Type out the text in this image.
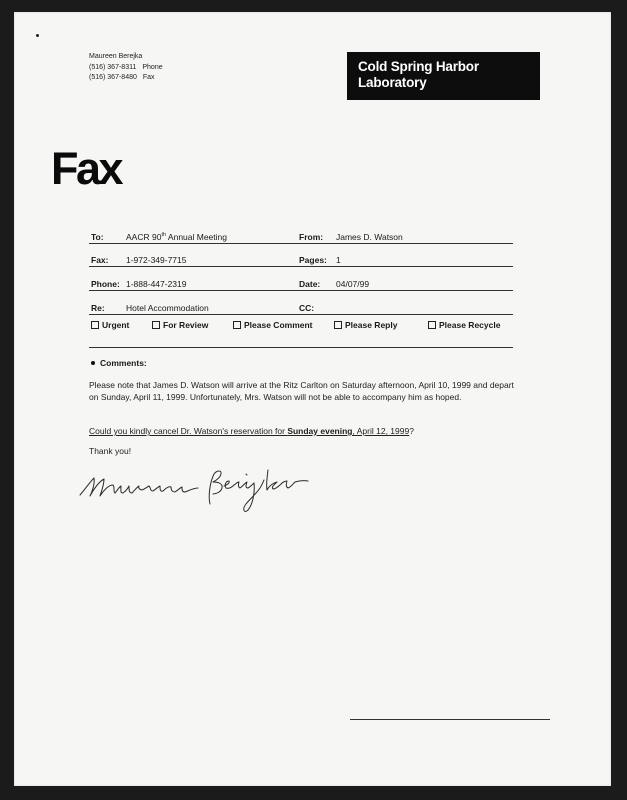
Maureen Berejka
(516) 367-8311 Phone
(516) 367-8480 Fax
Cold Spring Harbor
Laboratory
Fax
To:	AACR 90th Annual Meeting	From: James D. Watson
Fax: 1-972-349-7715	Pages: 1
Phone: 1-888-447-2319	Date: 04/07/99
Re:	Hotel Accommodation	CC:
Urgent	For Review	Please Comment	Please Reply	Please Recycle
Comments:
Please note that James D. Watson will arrive at the Ritz Carlton on Saturday afternoon, April 10, 1999 and depart on Sunday, April 11, 1999. Unfortunately, Mrs. Watson will not be able to accompany him as hoped.
Could you kindly cancel Dr. Watson's reservation for Sunday evening, April 12, 1999?
Thank you!
